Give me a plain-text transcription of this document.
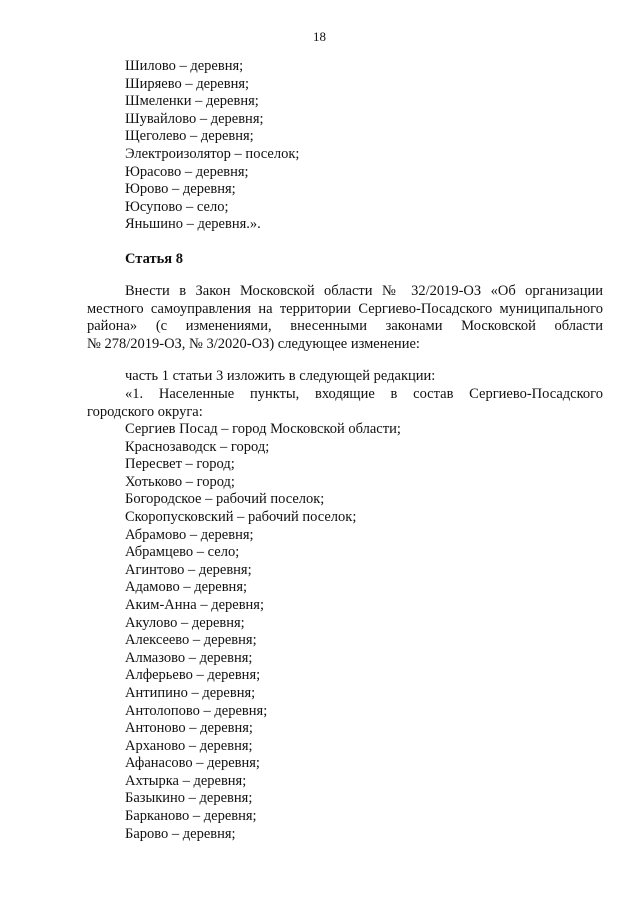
18
Шилово – деревня;
Ширяево – деревня;
Шмеленки – деревня;
Шувайлово – деревня;
Щеголево – деревня;
Электроизолятор – поселок;
Юрасово – деревня;
Юрово – деревня;
Юсупово – село;
Яньшино – деревня.».
Статья 8
Внести в Закон Московской области № 32/2019-ОЗ «Об организации
местного самоуправления на территории Сергиево-Посадского муниципального
района» (с изменениями, внесенными законами Московской области
№ 278/2019-ОЗ, № 3/2020-ОЗ) следующее изменение:
часть 1 статьи 3 изложить в следующей редакции:
«1. Населенные пункты, входящие в состав Сергиево-Посадского
городского округа:
Сергиев Посад – город Московской области;
Краснозаводск – город;
Пересвет – город;
Хотьково – город;
Богородское – рабочий поселок;
Скоропусковский – рабочий поселок;
Абрамово – деревня;
Абрамцево – село;
Агинтово – деревня;
Адамово – деревня;
Аким-Анна – деревня;
Акулово – деревня;
Алексеево – деревня;
Алмазово – деревня;
Алферьево – деревня;
Антипино – деревня;
Антолопово – деревня;
Антоново – деревня;
Арханово – деревня;
Афанасово – деревня;
Ахтырка – деревня;
Базыкино – деревня;
Барканово – деревня;
Барово – деревня;
